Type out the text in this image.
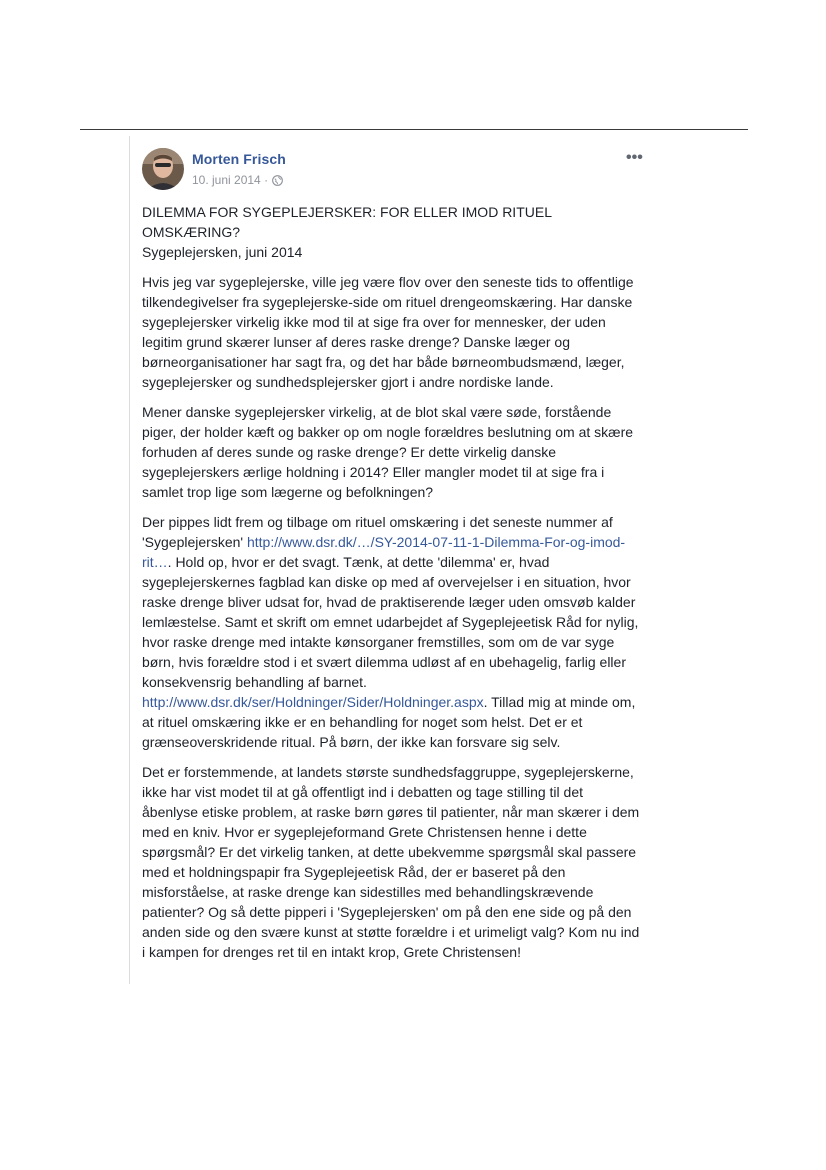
Morten Frisch
10. juni 2014 ·
•••
DILEMMA FOR SYGEPLEJERSKER: FOR ELLER IMOD RITUEL OMSKÆRING?
Sygeplejersken, juni 2014
Hvis jeg var sygeplejerske, ville jeg være flov over den seneste tids to offentlige tilkendegivelser fra sygeplejerske-side om rituel drengeomskæring. Har danske sygeplejersker virkelig ikke mod til at sige fra over for mennesker, der uden legitim grund skærer lunser af deres raske drenge? Danske læger og børneorganisationer har sagt fra, og det har både børneombudsmænd, læger, sygeplejersker og sundhedsplejersker gjort i andre nordiske lande.
Mener danske sygeplejersker virkelig, at de blot skal være søde, forstående piger, der holder kæft og bakker op om nogle forældres beslutning om at skære forhuden af deres sunde og raske drenge? Er dette virkelig danske sygeplejerskers ærlige holdning i 2014? Eller mangler modet til at sige fra i samlet trop lige som lægerne og befolkningen?
Der pippes lidt frem og tilbage om rituel omskæring i det seneste nummer af 'Sygeplejersken' http://www.dsr.dk/…/SY-2014-07-11-1-Dilemma-For-og-imod-rit…. Hold op, hvor er det svagt. Tænk, at dette 'dilemma' er, hvad sygeplejerskernes fagblad kan diske op med af overvejelser i en situation, hvor raske drenge bliver udsat for, hvad de praktiserende læger uden omsvøb kalder lemlæstelse. Samt et skrift om emnet udarbejdet af Sygeplejeetisk Råd for nylig, hvor raske drenge med intakte kønsorganer fremstilles, som om de var syge børn, hvis forældre stod i et svært dilemma udløst af en ubehagelig, farlig eller konsekvensrig behandling af barnet. http://www.dsr.dk/ser/Holdninger/Sider/Holdninger.aspx. Tillad mig at minde om, at rituel omskæring ikke er en behandling for noget som helst. Det er et grænseoverskridende ritual. På børn, der ikke kan forsvare sig selv.
Det er forstemmende, at landets største sundhedsfaggruppe, sygeplejerskerne, ikke har vist modet til at gå offentligt ind i debatten og tage stilling til det åbenlyse etiske problem, at raske børn gøres til patienter, når man skærer i dem med en kniv. Hvor er sygeplejeformand Grete Christensen henne i dette spørgsmål? Er det virkelig tanken, at dette ubekvemme spørgsmål skal passere med et holdningspapir fra Sygeplejeetisk Råd, der er baseret på den misforståelse, at raske drenge kan sidestilles med behandlingskrævende patienter? Og så dette pipperi i 'Sygeplejersken' om på den ene side og på den anden side og den svære kunst at støtte forældre i et urimeligt valg? Kom nu ind i kampen for drenges ret til en intakt krop, Grete Christensen!
